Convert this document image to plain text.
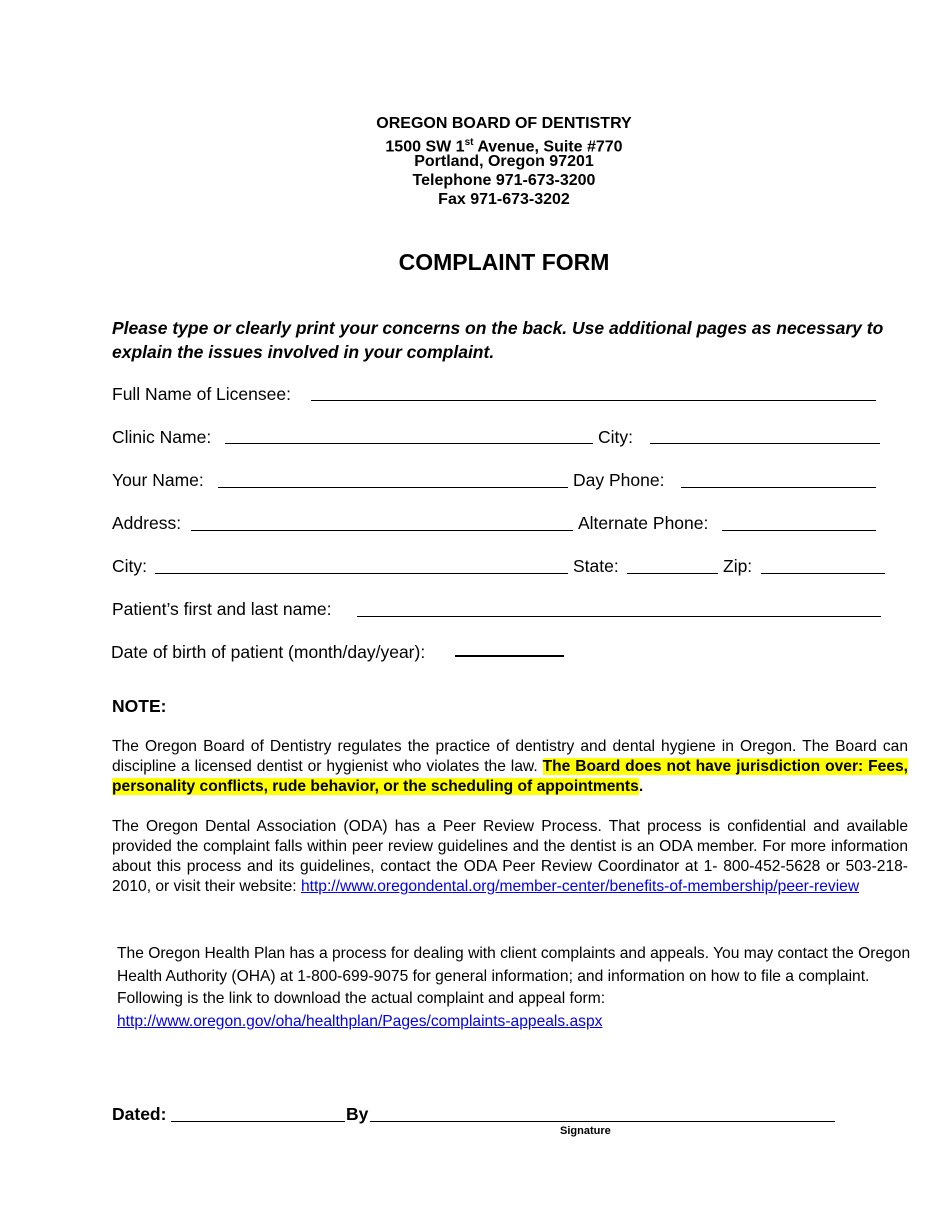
OREGON BOARD OF DENTISTRY
1500 SW 1st Avenue, Suite #770
Portland, Oregon 97201
Telephone 971-673-3200
Fax 971-673-3202
COMPLAINT FORM
Please type or clearly print your concerns on the back. Use additional pages as necessary to explain the issues involved in your complaint.
Full Name of Licensee:
Clinic Name:	City:
Your Name:	Day Phone:
Address:	Alternate Phone:
City:	State:	Zip:
Patient’s first and last name:
Date of birth of patient (month/day/year):
NOTE:
The Oregon Board of Dentistry regulates the practice of dentistry and dental hygiene in Oregon. The Board can discipline a licensed dentist or hygienist who violates the law. The Board does not have jurisdiction over: Fees, personality conflicts, rude behavior, or the scheduling of appointments.
The Oregon Dental Association (ODA) has a Peer Review Process. That process is confidential and available provided the complaint falls within peer review guidelines and the dentist is an ODA member. For more information about this process and its guidelines, contact the ODA Peer Review Coordinator at 1- 800-452-5628 or 503-218-2010, or visit their website: http://www.oregondental.org/member-center/benefits-of-membership/peer-review
The Oregon Health Plan has a process for dealing with client complaints and appeals. You may contact the Oregon Health Authority (OHA) at 1-800-699-9075 for general information; and information on how to file a complaint. Following is the link to download the actual complaint and appeal form:
http://www.oregon.gov/oha/healthplan/Pages/complaints-appeals.aspx
Dated:	By
Signature
